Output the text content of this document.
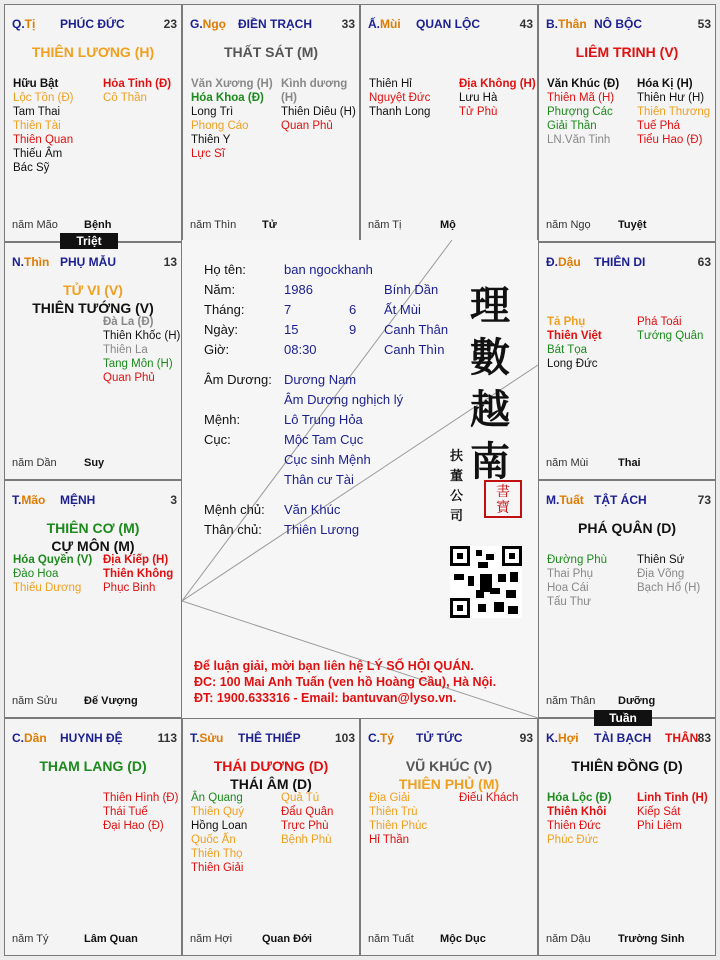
Q.Tị PHÚC ĐỨC	23
THIÊN LƯƠNG (H)
Hữu Bật
Lộc Tồn (Đ)
Tam Thai
Thiên Tài
Thiên Quan
Thiếu Âm
Bác Sỹ
Hỏa Tinh (Đ)
Cô Thần
năm Mão Bệnh
G.Ngọ ĐIỀN TRẠCH 33
THẤT SÁT (M)
Văn Xương (H)
Hóa Khoa (Đ)
Long Trì
Phong Cáo
Thiên Y
Lực Sĩ
Kình dương (H)
Thiên Diêu (H)
Quan Phủ
năm Thìn Tử
Ấ.Mùi QUAN LỘC	43
Thiên Hỉ
Nguyệt Đức
Thanh Long
Địa Không (H)
Lưu Hà
Tử Phù
năm Tị	Mộ
B.Thân NÔ BỘC	53
LIÊM TRINH (V)
Văn Khúc (Đ)
Thiên Mã (H)
Phượng Các
Giải Thần
LN.Văn Tinh
Hóa Kị (H)
Thiên Hư (H)
Thiên Thương
Tuế Phá
Tiểu Hao (Đ)
năm Ngọ Tuyệt
N.Thìn PHỤ MẪU	13
TỬ VI (V)
THIÊN TƯỚNG (V)
Đà La (Đ)
Thiên Khốc (H)
Thiên La
Tang Môn (H)
Quan Phủ
năm Dần Suy
Đ.Dậu THIÊN DI	63
Tả Phụ
Thiên Việt
Bát Tọa
Long Đức
Phá Toái
Tướng Quân
năm Mùi	Thai
T.Mão MỆNH	3
THIÊN CƠ (M)
CỰ MÔN (M)
Hóa Quyền (V)
Đào Hoa
Thiếu Dương
Địa Kiếp (H)
Thiên Không
Phục Binh
năm Sửu Đế Vượng
M.Tuất TẬT ÁCH	73
PHÁ QUÂN (D)
Đường Phù
Thai Phụ
Hoa Cái
Tấu Thư
Thiên Sứ
Địa Võng
Bạch Hổ (H)
năm Thân Dưỡng
C.Dần HUYNH ĐỆ	113
THAM LANG (D)
Thiên Hình (Đ)
Thái Tuế
Đại Hao (Đ)
năm Tý	Lâm Quan
T.Sửu THÊ THIẾP	103
THÁI DƯƠNG (D)
THÁI ÂM (D)
Ân Quang
Thiên Quý
Hồng Loan
Quốc Ấn
Thiên Thọ
Thiên Giải
Quả Tú
Đẩu Quân
Trực Phù
Bệnh Phù
năm Hợi	Quan Đới
C.Tý TỬ TỨC	93
VŨ KHÚC (V)
THIÊN PHỦ (M)
Địa Giải
Thiên Trù
Thiên Phúc
Hỉ Thần
Điếu Khách
năm Tuất Mộc Dục
K.Hợi TÀI BẠCH THÂN 83
THIÊN ĐỒNG (D)
Hóa Lộc (Đ)
Thiên Khôi
Thiên Đức
Phúc Đức
Linh Tinh (H)
Kiếp Sát
Phi Liêm
năm Dậu Trường Sinh
Họ tên:	ban ngockhanh
Năm:	1986	Bính Dần
Tháng:	7	6 Ất Mùi
Ngày:	15	9 Canh Thân
Giờ:	08:30	Canh Thìn
Âm Dương: Dương Nam
Âm Dương nghịch lý
Mệnh:	Lô Trung Hỏa
Cục:	Mộc Tam Cục
Cục sinh Mệnh
Thân cư Tài
Mệnh chủ: Văn Khúc
Thân chủ: Thiên Lương
理
數
越
南
扶
董
公
司
書
寶
Để luận giải, mời bạn liên hệ LÝ SỐ HỘI QUÁN.
ĐC: 100 Mai Anh Tuấn (ven hồ Hoàng Cầu), Hà Nội.
ĐT: 1900.633316 - Email: bantuvan@lyso.vn.
Triệt
Tuần
